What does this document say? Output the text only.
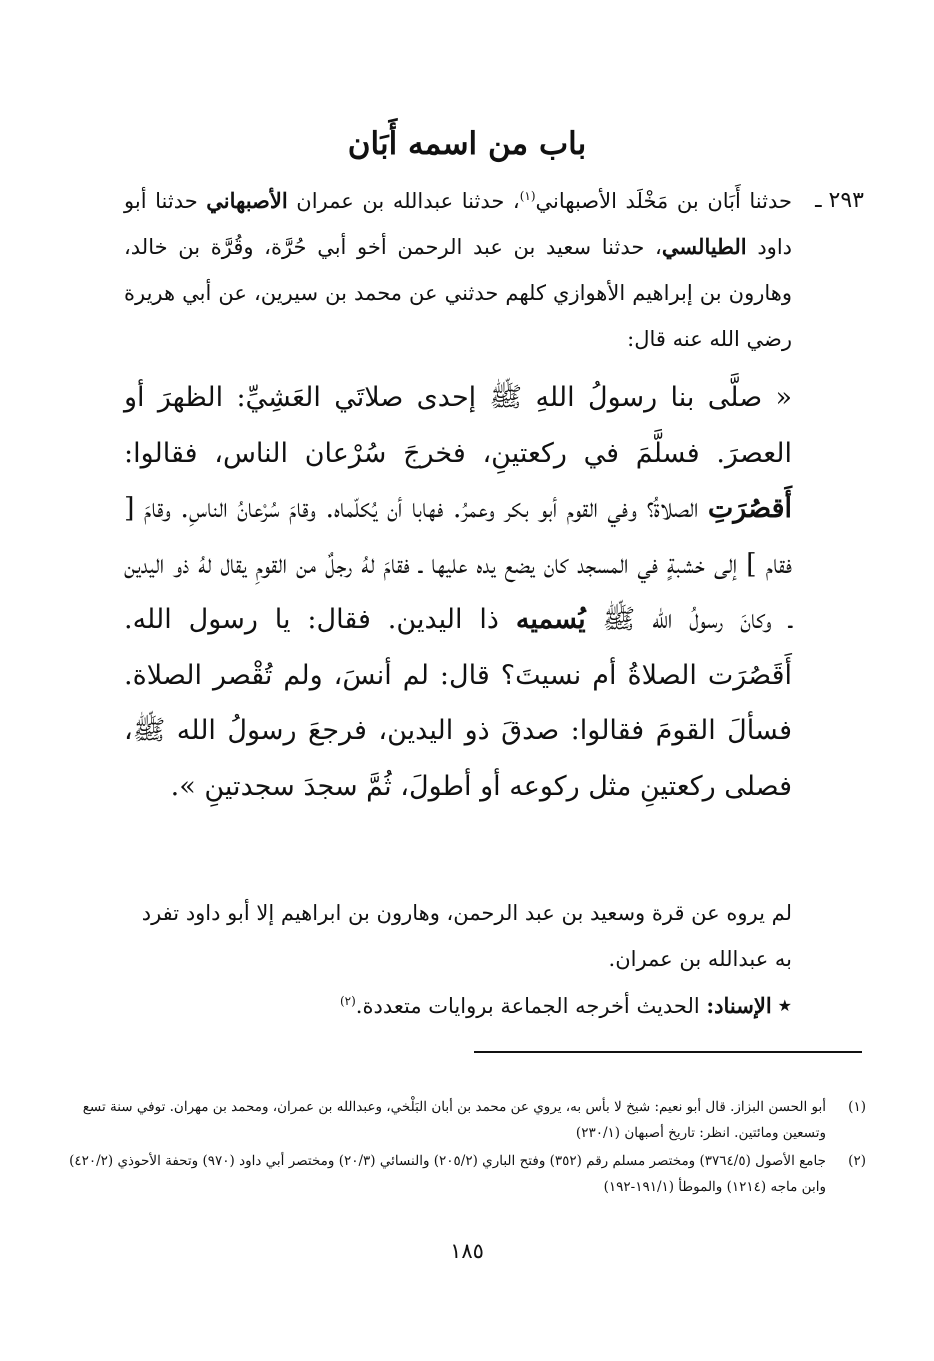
باب من اسمه أَبَان
٢٩٣ ـ
حدثنا أَبَان بن مَخْلَد الأصبهاني$^{(١)}$، حدثنا عبدالله بن عمران الأصبهاني حدثنا أبو داود الطيالسي، حدثنا سعيد بن عبد الرحمن أخو أبي حُرَّة، وقُرَّة بن خالد، وهارون بن إبراهيم الأهوازي كلهم حدثني عن محمد بن سيرين، عن أبي هريرة رضي الله عنه قال:

« صلَّى بنا رسولُ اللهِ ﷺ إحدى صلاتَي العَشِيِّ: الظهرَ أو العصرَ. فسلَّمَ في ركعتينِ، فخرجَ سُرْعان الناس، فقالوا: أَقصُرَتِ الصلاةُ؟ وفي القوم أبو بكر وعمرُ. فهابا أن يُكلّماه. وقامَ سُرْعانُ الناسِ. وقامَ [ فقام ] إلى خشبةٍ في المسجد كان يضع يده عليها ـ فقامَ لهُ رجلٌ من القومِ يقال لهُ ذو اليدين ـ وكانَ رسولُ الله ﷺ يُسميه ذا اليدين. فقال: يا رسول الله. أَقَصُرَت الصلاةُ أم نسيتَ؟ قال: لم أنسَ، ولم تُقْصر الصلاة. فسألَ القومَ فقالوا: صدقَ ذو اليدين، فرجعَ رسولُ الله ﷺ، فصلى ركعتينِ مثل ركوعه أو أطولَ، ثُمَّ سجدَ سجدتينِ ».

لم يروه عن قرة وسعيد بن عبد الرحمن، وهارون بن ابراهيم إلا أبو داود تفرد به عبدالله بن عمران.
★الإسناد: الحديث أخرجه الجماعة بروايات متعددة.$^{(٢)}$
(١)
أبو الحسن البزاز. قال أبو نعيم: شيخ لا بأس به، يروي عن محمد بن أبان البَلْخي، وعبدالله بن عمران، ومحمد بن مهران. توفي سنة تسع وتسعين ومائتين. انظر: تاريخ أصبهان (٢٣٠/١)
(٢)
جامع الأصول (٣٧٦٤/٥) ومختصر مسلم رقم (٣٥٢) وفتح الباري (٢٠٥/٢) والنسائي (٢٠/٣) ومختصر أبي داود (٩٧٠) وتحفة الأحوذي (٤٢٠/٢) وابن ماجه (١٢١٤) والموطأ (١٩١/١-١٩٢)
١٨٥
